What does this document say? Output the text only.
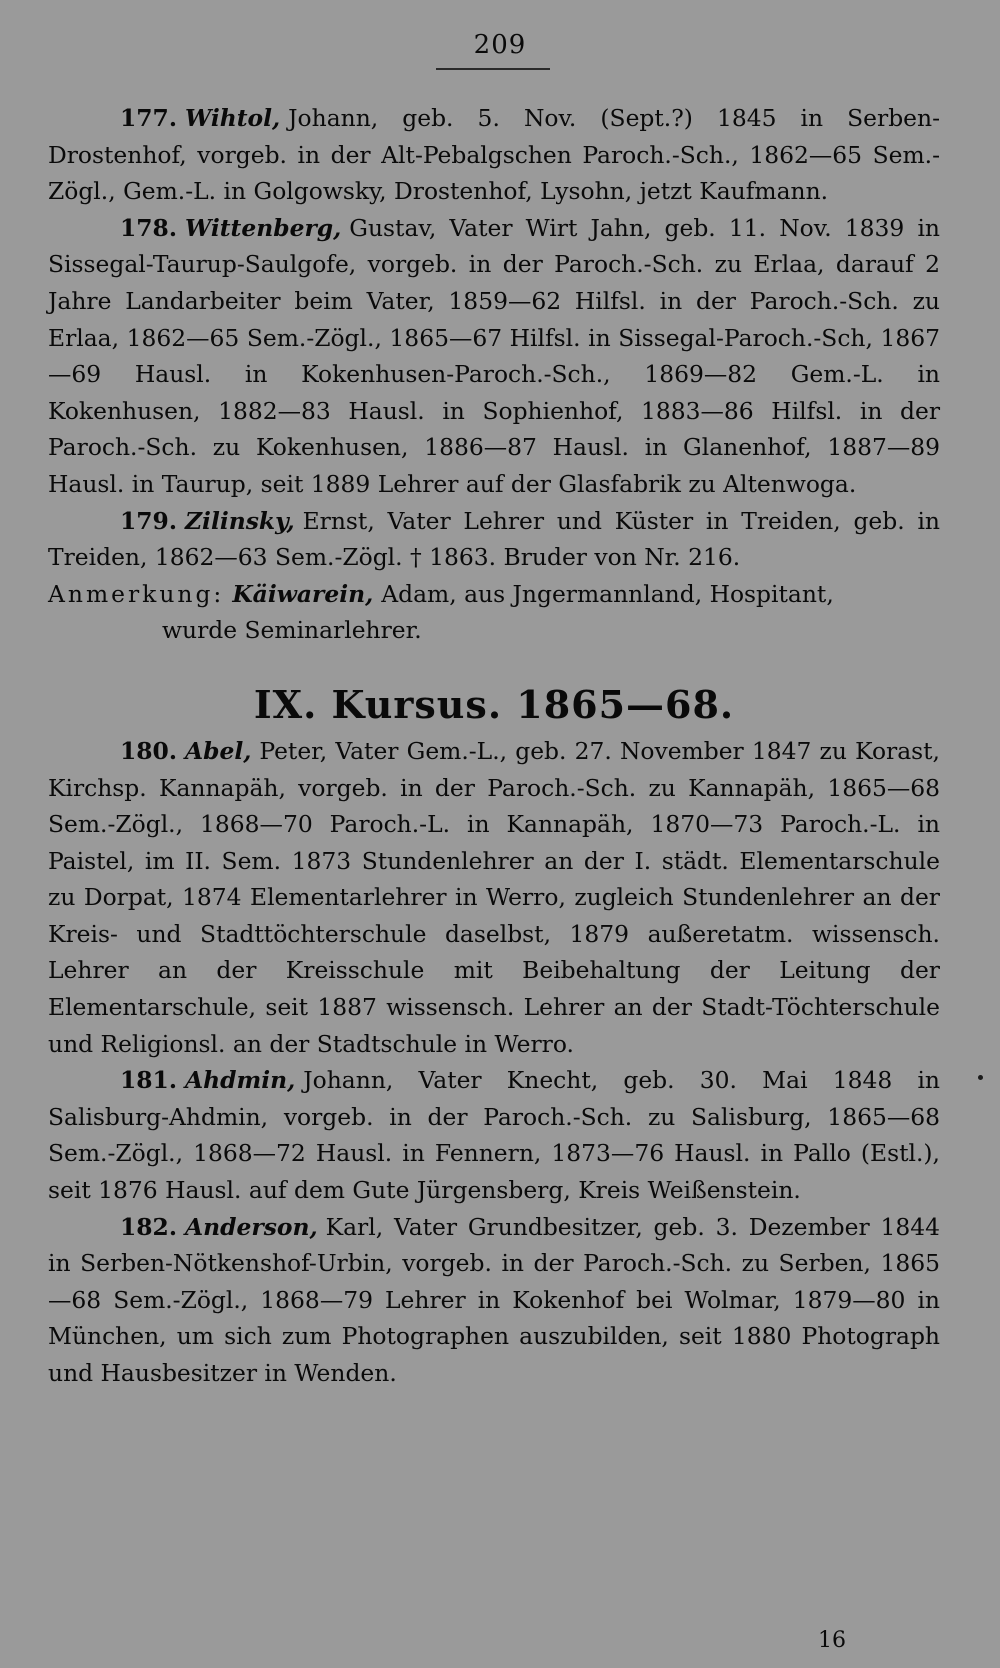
209

177. Wihtol, Johann, geb. 5. Nov. (Sept.?) 1845 in Serben-Drostenhof, vorgeb. in der Alt-Pebalgschen Paroch.-Sch., 1862—65 Sem.-Zögl., Gem.-L. in Golgowsky, Drostenhof, Lysohn, jetzt Kaufmann.

178. Wittenberg, Gustav, Vater Wirt Jahn, geb. 11. Nov. 1839 in Sissegal-Taurup-Saulgofe, vorgeb. in der Paroch.-Sch. zu Erlaa, darauf 2 Jahre Landarbeiter beim Vater, 1859—62 Hilfsl. in der Paroch.-Sch. zu Erlaa, 1862—65 Sem.-Zögl., 1865—67 Hilfsl. in Sissegal-Paroch.-Sch, 1867—69 Hausl. in Kokenhusen-Paroch.-Sch., 1869—82 Gem.-L. in Kokenhusen, 1882—83 Hausl. in Sophienhof, 1883—86 Hilfsl. in der Paroch.-Sch. zu Kokenhusen, 1886—87 Hausl. in Glanenhof, 1887—89 Hausl. in Taurup, seit 1889 Lehrer auf der Glasfabrik zu Altenwoga.

179. Zilinsky, Ernst, Vater Lehrer und Küster in Treiden, geb. in Treiden, 1862—63 Sem.-Zögl. † 1863. Bruder von Nr. 216.

Anmerkung: Käiwarein, Adam, aus Jngermannland, Hospitant,
wurde Seminarlehrer.

IX. Kursus. 1865—68.

180. Abel, Peter, Vater Gem.-L., geb. 27. November 1847 zu Korast, Kirchsp. Kannapäh, vorgeb. in der Paroch.-Sch. zu Kannapäh, 1865—68 Sem.-Zögl., 1868—70 Paroch.-L. in Kannapäh, 1870—73 Paroch.-L. in Paistel, im II. Sem. 1873 Stundenlehrer an der I. städt. Elementarschule zu Dorpat, 1874 Elementarlehrer in Werro, zugleich Stundenlehrer an der Kreis- und Stadttöchterschule daselbst, 1879 außeretatm. wissensch. Lehrer an der Kreisschule mit Beibehaltung der Leitung der Elementarschule, seit 1887 wissensch. Lehrer an der Stadt-Töchterschule und Religionsl. an der Stadtschule in Werro.

181. Ahdmin, Johann, Vater Knecht, geb. 30. Mai 1848 in Salisburg-Ahdmin, vorgeb. in der Paroch.-Sch. zu Salisburg, 1865—68 Sem.-Zögl., 1868—72 Hausl. in Fennern, 1873—76 Hausl. in Pallo (Estl.), seit 1876 Hausl. auf dem Gute Jürgensberg, Kreis Weißenstein.

182. Anderson, Karl, Vater Grundbesitzer, geb. 3. Dezember 1844 in Serben-Nötkenshof-Urbin, vorgeb. in der Paroch.-Sch. zu Serben, 1865—68 Sem.-Zögl., 1868—79 Lehrer in Kokenhof bei Wolmar, 1879—80 in München, um sich zum Photographen auszubilden, seit 1880 Photograph und Hausbesitzer in Wenden.

16
